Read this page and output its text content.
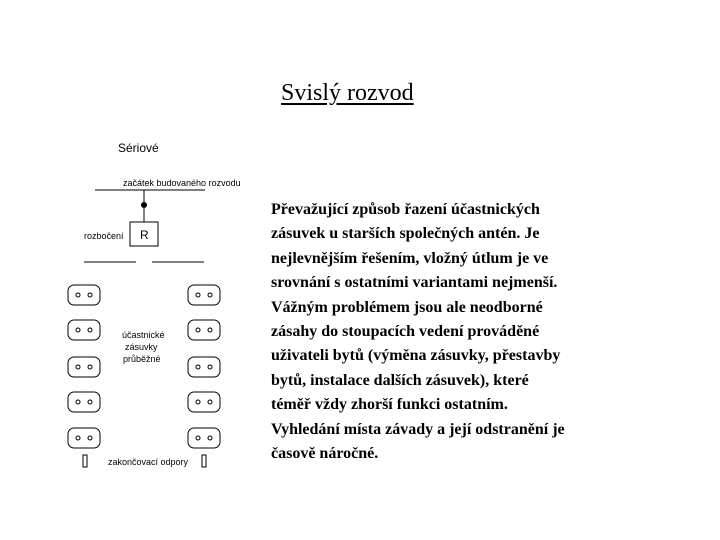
Svislý rozvod
Sériové
začátek budovaného rozvodu
rozbočení R
účastnické
zásuvky
průběžné
zakončovací odpory
Převažující způsob řazení účastnických
zásuvek u starších společných antén. Je
nejlevnějším řešením, vložný útlum je ve
srovnání s ostatními variantami nejmenší.
Vážným problémem jsou ale neodborné
zásahy do stoupacích vedení prováděné
uživateli bytů (výměna zásuvky, přestavby
bytů, instalace dalších zásuvek), které
téměř vždy zhorší funkci ostatním.
Vyhledání místa závady a její odstranění je
časově náročné.
